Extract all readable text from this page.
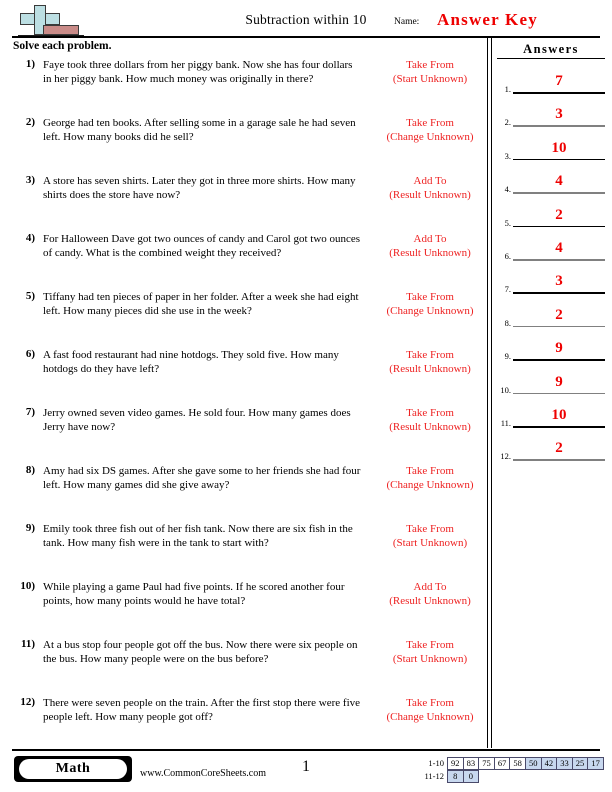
Subtraction within 10	Name: Answer Key
Solve each problem.
1) Faye took three dollars from her piggy bank. Now she has four dollars in her piggy bank. How much money was originally in there?
Take From
(Start Unknown)
2) George had ten books. After selling some in a garage sale he had seven left. How many books did he sell?
Take From
(Change Unknown)
3) A store has seven shirts. Later they got in three more shirts. How many shirts does the store have now?
Add To
(Result Unknown)
4) For Halloween Dave got two ounces of candy and Carol got two ounces of candy. What is the combined weight they received?
Add To
(Result Unknown)
5) Tiffany had ten pieces of paper in her folder. After a week she had eight left. How many pieces did she use in the week?
Take From
(Change Unknown)
6) A fast food restaurant had nine hotdogs. They sold five. How many hotdogs do they have left?
Take From
(Result Unknown)
7) Jerry owned seven video games. He sold four. How many games does Jerry have now?
Take From
(Result Unknown)
8) Amy had six DS games. After she gave some to her friends she had four left. How many games did she give away?
Take From
(Change Unknown)
9) Emily took three fish out of her fish tank. Now there are six fish in the tank. How many fish were in the tank to start with?
Take From
(Start Unknown)
10) While playing a game Paul had five points. If he scored another four points, how many points would he have total?
Add To
(Result Unknown)
11) At a bus stop four people got off the bus. Now there were six people on the bus. How many people were on the bus before?
Take From
(Start Unknown)
12) There were seven people on the train. After the first stop there were five people left. How many people got off?
Take From
(Change Unknown)
Answers
1.	7
2.	3
3.	10
4.	4
5.	2
6.	4
7.	3
8.	2
9.	9
10.	9
11.	10
12.	2
Math	www.CommonCoreSheets.com	1	1-10 92 83 75 67 58 50 42 33 25 17
11-12	8	0
